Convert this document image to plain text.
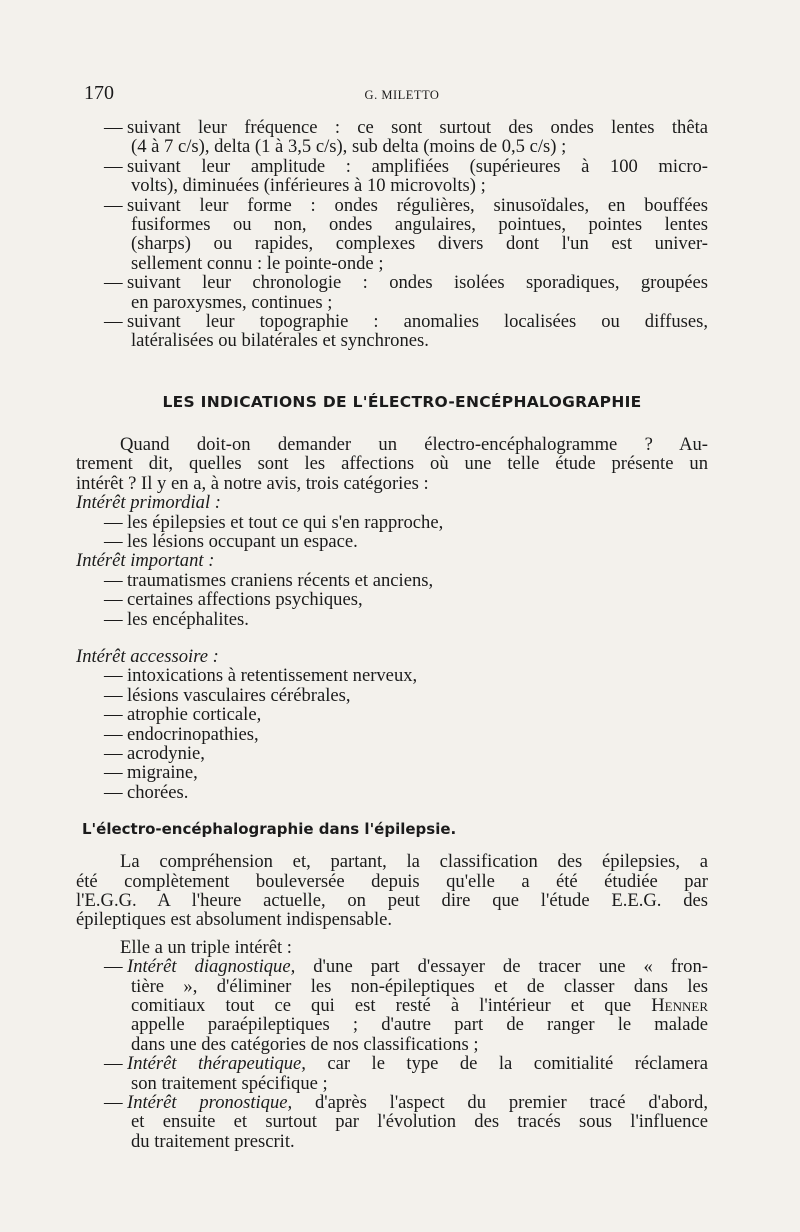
170	G. MILETTO
— suivant leur fréquence : ce sont surtout des ondes lentes thêta
(4 à 7 c/s), delta (1 à 3,5 c/s), sub delta (moins de 0,5 c/s) ;
— suivant leur amplitude : amplifiées (supérieures à 100 micro-
volts), diminuées (inférieures à 10 microvolts) ;
— suivant leur forme : ondes régulières, sinusoïdales, en bouffées
fusiformes ou non, ondes angulaires, pointues, pointes lentes
(sharps) ou rapides, complexes divers dont l'un est univer-
sellement connu : le pointe-onde ;
— suivant leur chronologie : ondes isolées sporadiques, groupées
en paroxysmes, continues ;
— suivant leur topographie : anomalies localisées ou diffuses,
latéralisées ou bilatérales et synchrones.
LES INDICATIONS DE L'ÉLECTRO-ENCÉPHALOGRAPHIE
Quand doit-on demander un électro-encéphalogramme ? Au-
trement dit, quelles sont les affections où une telle étude présente un
intérêt ? Il y en a, à notre avis, trois catégories :
Intérêt primordial :
— les épilepsies et tout ce qui s'en rapproche,
— les lésions occupant un espace.
Intérêt important :
— traumatismes craniens récents et anciens,
— certaines affections psychiques,
— les encéphalites.
Intérêt accessoire :
— intoxications à retentissement nerveux,
— lésions vasculaires cérébrales,
— atrophie corticale,
— endocrinopathies,
— acrodynie,
— migraine,
— chorées.
L'électro-encéphalographie dans l'épilepsie.
La compréhension et, partant, la classification des épilepsies, a
été complètement bouleversée depuis qu'elle a été étudiée par
l'E.G.G. A l'heure actuelle, on peut dire que l'étude E.E.G. des
épileptiques est absolument indispensable.
Elle a un triple intérêt :
— Intérêt diagnostique, d'une part d'essayer de tracer une « fron-
tière », d'éliminer les non-épileptiques et de classer dans les
comitiaux tout ce qui est resté à l'intérieur et que Henner
appelle paraépileptiques ; d'autre part de ranger le malade
dans une des catégories de nos classifications ;
— Intérêt thérapeutique, car le type de la comitialité réclamera
son traitement spécifique ;
— Intérêt pronostique, d'après l'aspect du premier tracé d'abord,
et ensuite et surtout par l'évolution des tracés sous l'influence
du traitement prescrit.
